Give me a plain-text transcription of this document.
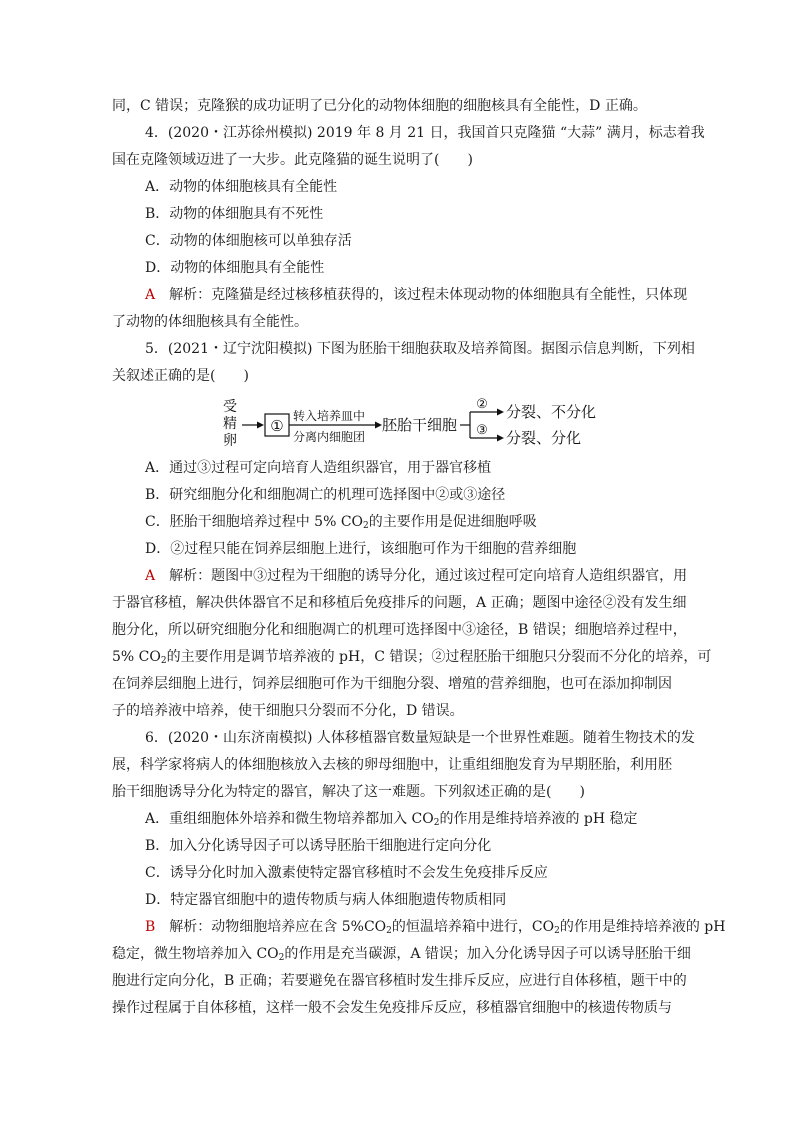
同，C 错误；克隆猴的成功证明了已分化的动物体细胞的细胞核具有全能性，D 正确。
4．(2020・江苏徐州模拟) 2019 年 8 月 21 日，我国首只克隆猫 “大蒜” 满月，标志着我
国在克隆领域迈进了一大步。此克隆猫的诞生说明了(　　)
A．动物的体细胞核具有全能性
B．动物的体细胞具有不死性
C．动物的体细胞核可以单独存活
D．动物的体细胞具有全能性
A　 解析：克隆猫是经过核移植获得的，该过程未体现动物的体细胞具有全能性，只体现
了动物的体细胞核具有全能性。
5．(2021・辽宁沈阳模拟) 下图为胚胎干细胞获取及培养简图。据图示信息判断，下列相
关叙述正确的是(　　)
受
精
卵
①
转入培养皿中
分离内细胞团
胚胎干细胞
②
③
分裂、不分化
分裂、分化
A．通过③过程可定向培育人造组织器官，用于器官移植
B．研究细胞分化和细胞凋亡的机理可选择图中②或③途径
C．胚胎干细胞培养过程中 5% $CO_2$的主要作用是促进细胞呼吸
D．②过程只能在饲养层细胞上进行，该细胞可作为干细胞的营养细胞
A　 解析：题图中③过程为干细胞的诱导分化，通过该过程可定向培育人造组织器官，用
于器官移植，解决供体器官不足和移植后免疫排斥的问题，A 正确；题图中途径②没有发生细
胞分化，所以研究细胞分化和细胞凋亡的机理可选择图中③途径，B 错误；细胞培养过程中，
5% $CO_2$的主要作用是调节培养液的 pH，C 错误；②过程胚胎干细胞只分裂而不分化的培养，可
在饲养层细胞上进行，饲养层细胞可作为干细胞分裂、增殖的营养细胞，也可在添加抑制因
子的培养液中培养，使干细胞只分裂而不分化，D 错误。
6．(2020・山东济南模拟) 人体移植器官数量短缺是一个世界性难题。随着生物技术的发
展，科学家将病人的体细胞核放入去核的卵母细胞中，让重组细胞发育为早期胚胎，利用胚
胎干细胞诱导分化为特定的器官，解决了这一难题。下列叙述正确的是(　　)
A．重组细胞体外培养和微生物培养都加入 $CO_2$的作用是维持培养液的 pH 稳定
B．加入分化诱导因子可以诱导胚胎干细胞进行定向分化
C．诱导分化时加入激素使特定器官移植时不会发生免疫排斥反应
D．特定器官细胞中的遗传物质与病人体细胞遗传物质相同
B　 解析：动物细胞培养应在含 $5\%CO_2$的恒温培养箱中进行，$CO_2$的作用是维持培养液的 pH
稳定，微生物培养加入 $CO_2$的作用是充当碳源，A 错误；加入分化诱导因子可以诱导胚胎干细
胞进行定向分化，B 正确；若要避免在器官移植时发生排斥反应，应进行自体移植，题干中的
操作过程属于自体移植，这样一般不会发生免疫排斥反应，移植器官细胞中的核遗传物质与
